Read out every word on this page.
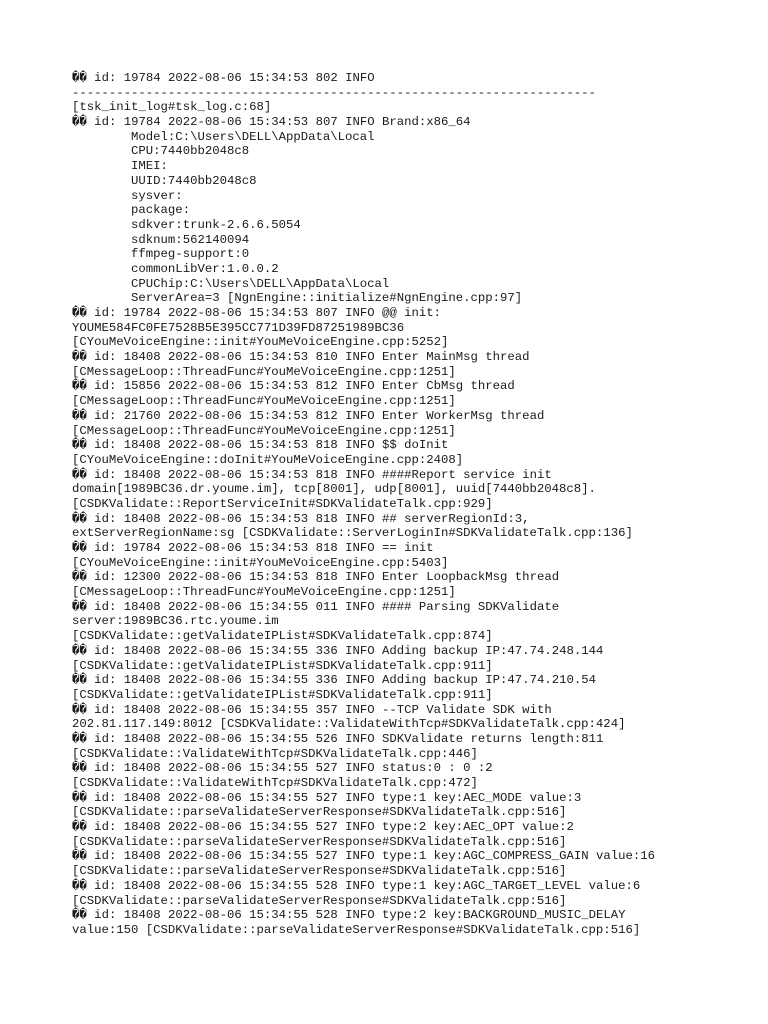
�� id: 19784 2022-08-06 15:34:53 802 INFO
-----------------------------------------------------------------------
[tsk_init_log#tsk_log.c:68]
�� id: 19784 2022-08-06 15:34:53 807 INFO Brand:x86_64
Model:C:\Users\DELL\AppData\Local
CPU:7440bb2048c8
IMEI:
UUID:7440bb2048c8
sysver:
package:
sdkver:trunk-2.6.6.5054
sdknum:562140094
ffmpeg-support:0
commonLibVer:1.0.0.2
CPUChip:C:\Users\DELL\AppData\Local
ServerArea=3 [NgnEngine::initialize#NgnEngine.cpp:97]
�� id: 19784 2022-08-06 15:34:53 807 INFO @@ init:
YOUME584FC0FE7528B5E395CC771D39FD87251989BC36
[CYouMeVoiceEngine::init#YouMeVoiceEngine.cpp:5252]
�� id: 18408 2022-08-06 15:34:53 810 INFO Enter MainMsg thread
[CMessageLoop::ThreadFunc#YouMeVoiceEngine.cpp:1251]
�� id: 15856 2022-08-06 15:34:53 812 INFO Enter CbMsg thread
[CMessageLoop::ThreadFunc#YouMeVoiceEngine.cpp:1251]
�� id: 21760 2022-08-06 15:34:53 812 INFO Enter WorkerMsg thread
[CMessageLoop::ThreadFunc#YouMeVoiceEngine.cpp:1251]
�� id: 18408 2022-08-06 15:34:53 818 INFO $$ doInit
[CYouMeVoiceEngine::doInit#YouMeVoiceEngine.cpp:2408]
�� id: 18408 2022-08-06 15:34:53 818 INFO ####Report service init
domain[1989BC36.dr.youme.im], tcp[8001], udp[8001], uuid[7440bb2048c8].
[CSDKValidate::ReportServiceInit#SDKValidateTalk.cpp:929]
�� id: 18408 2022-08-06 15:34:53 818 INFO ## serverRegionId:3,
extServerRegionName:sg [CSDKValidate::ServerLoginIn#SDKValidateTalk.cpp:136]
�� id: 19784 2022-08-06 15:34:53 818 INFO == init
[CYouMeVoiceEngine::init#YouMeVoiceEngine.cpp:5403]
�� id: 12300 2022-08-06 15:34:53 818 INFO Enter LoopbackMsg thread
[CMessageLoop::ThreadFunc#YouMeVoiceEngine.cpp:1251]
�� id: 18408 2022-08-06 15:34:55 011 INFO #### Parsing SDKValidate
server:1989BC36.rtc.youme.im
[CSDKValidate::getValidateIPList#SDKValidateTalk.cpp:874]
�� id: 18408 2022-08-06 15:34:55 336 INFO Adding backup IP:47.74.248.144
[CSDKValidate::getValidateIPList#SDKValidateTalk.cpp:911]
�� id: 18408 2022-08-06 15:34:55 336 INFO Adding backup IP:47.74.210.54
[CSDKValidate::getValidateIPList#SDKValidateTalk.cpp:911]
�� id: 18408 2022-08-06 15:34:55 357 INFO --TCP Validate SDK with
202.81.117.149:8012 [CSDKValidate::ValidateWithTcp#SDKValidateTalk.cpp:424]
�� id: 18408 2022-08-06 15:34:55 526 INFO SDKValidate returns length:811
[CSDKValidate::ValidateWithTcp#SDKValidateTalk.cpp:446]
�� id: 18408 2022-08-06 15:34:55 527 INFO status:0 : 0 :2
[CSDKValidate::ValidateWithTcp#SDKValidateTalk.cpp:472]
�� id: 18408 2022-08-06 15:34:55 527 INFO type:1 key:AEC_MODE value:3
[CSDKValidate::parseValidateServerResponse#SDKValidateTalk.cpp:516]
�� id: 18408 2022-08-06 15:34:55 527 INFO type:2 key:AEC_OPT value:2
[CSDKValidate::parseValidateServerResponse#SDKValidateTalk.cpp:516]
�� id: 18408 2022-08-06 15:34:55 527 INFO type:1 key:AGC_COMPRESS_GAIN value:16
[CSDKValidate::parseValidateServerResponse#SDKValidateTalk.cpp:516]
�� id: 18408 2022-08-06 15:34:55 528 INFO type:1 key:AGC_TARGET_LEVEL value:6
[CSDKValidate::parseValidateServerResponse#SDKValidateTalk.cpp:516]
�� id: 18408 2022-08-06 15:34:55 528 INFO type:2 key:BACKGROUND_MUSIC_DELAY
value:150 [CSDKValidate::parseValidateServerResponse#SDKValidateTalk.cpp:516]
